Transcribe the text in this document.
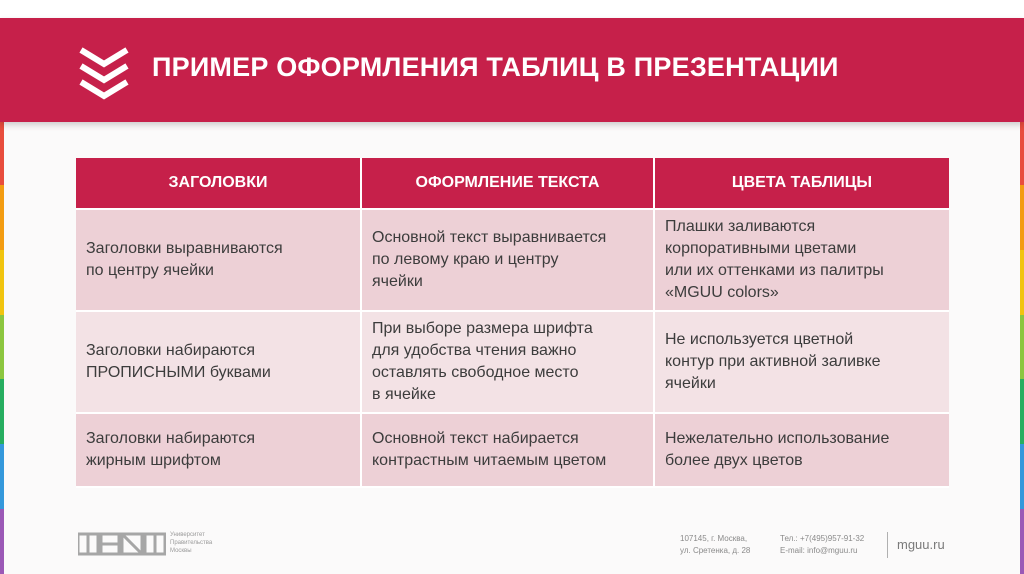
ПРИМЕР ОФОРМЛЕНИЯ ТАБЛИЦ В ПРЕЗЕНТАЦИИ
ЗАГОЛОВКИ	ОФОРМЛЕНИЕ ТЕКСТА	ЦВЕТА ТАБЛИЦЫ

Заголовки выравниваются
по центру ячейки	Основной текст выравнивается
по левому краю и центру
ячейки	Плашки заливаются
корпоративными цветами
или их оттенками из палитры
«MGUU colors»

Заголовки набираются
ПРОПИСНЫМИ буквами	При выборе размера шрифта
для удобства чтения важно
оставлять свободное место
в ячейке	Не используется цветной
контур при активной заливке
ячейки

Заголовки набираются
жирным шрифтом	Основной текст набирается
контрастным читаемым цветом	Нежелательно использование
более двух цветов
Университет
Правительства
Москвы
107145, г. Москва,
ул. Сретенка, д. 28
Тел.: +7(495)957-91-32
E-mail: info@mguu.ru	mguu.ru
